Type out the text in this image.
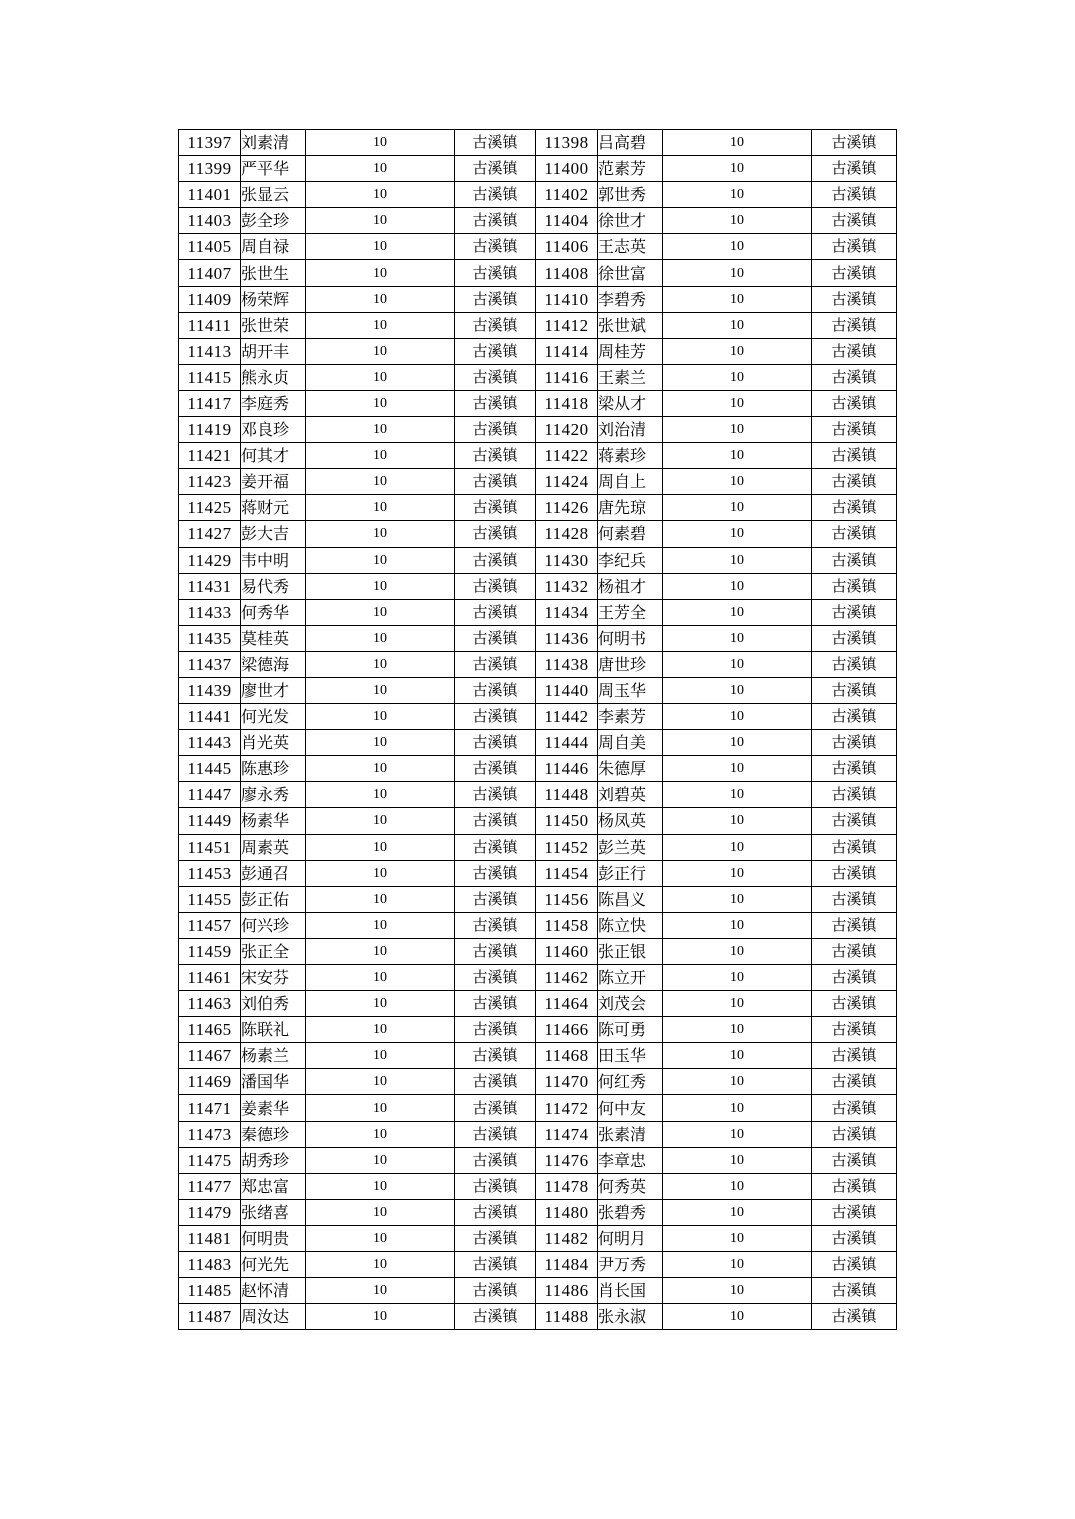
11397	刘素清	10	古溪镇	11398	吕高碧	10	古溪镇
11399	严平华	10	古溪镇	11400	范素芳	10	古溪镇
11401	张显云	10	古溪镇	11402	郭世秀	10	古溪镇
11403	彭全珍	10	古溪镇	11404	徐世才	10	古溪镇
11405	周自禄	10	古溪镇	11406	王志英	10	古溪镇
11407	张世生	10	古溪镇	11408	徐世富	10	古溪镇
11409	杨荣辉	10	古溪镇	11410	李碧秀	10	古溪镇
11411	张世荣	10	古溪镇	11412	张世斌	10	古溪镇
11413	胡开丰	10	古溪镇	11414	周桂芳	10	古溪镇
11415	熊永贞	10	古溪镇	11416	王素兰	10	古溪镇
11417	李庭秀	10	古溪镇	11418	梁从才	10	古溪镇
11419	邓良珍	10	古溪镇	11420	刘治清	10	古溪镇
11421	何其才	10	古溪镇	11422	蒋素珍	10	古溪镇
11423	姜开福	10	古溪镇	11424	周自上	10	古溪镇
11425	蒋财元	10	古溪镇	11426	唐先琼	10	古溪镇
11427	彭大吉	10	古溪镇	11428	何素碧	10	古溪镇
11429	韦中明	10	古溪镇	11430	李纪兵	10	古溪镇
11431	易代秀	10	古溪镇	11432	杨祖才	10	古溪镇
11433	何秀华	10	古溪镇	11434	王芳全	10	古溪镇
11435	莫桂英	10	古溪镇	11436	何明书	10	古溪镇
11437	梁德海	10	古溪镇	11438	唐世珍	10	古溪镇
11439	廖世才	10	古溪镇	11440	周玉华	10	古溪镇
11441	何光发	10	古溪镇	11442	李素芳	10	古溪镇
11443	肖光英	10	古溪镇	11444	周自美	10	古溪镇
11445	陈惠珍	10	古溪镇	11446	朱德厚	10	古溪镇
11447	廖永秀	10	古溪镇	11448	刘碧英	10	古溪镇
11449	杨素华	10	古溪镇	11450	杨凤英	10	古溪镇
11451	周素英	10	古溪镇	11452	彭兰英	10	古溪镇
11453	彭通召	10	古溪镇	11454	彭正行	10	古溪镇
11455	彭正佑	10	古溪镇	11456	陈昌义	10	古溪镇
11457	何兴珍	10	古溪镇	11458	陈立快	10	古溪镇
11459	张正全	10	古溪镇	11460	张正银	10	古溪镇
11461	宋安芬	10	古溪镇	11462	陈立开	10	古溪镇
11463	刘伯秀	10	古溪镇	11464	刘茂会	10	古溪镇
11465	陈联礼	10	古溪镇	11466	陈可勇	10	古溪镇
11467	杨素兰	10	古溪镇	11468	田玉华	10	古溪镇
11469	潘国华	10	古溪镇	11470	何红秀	10	古溪镇
11471	姜素华	10	古溪镇	11472	何中友	10	古溪镇
11473	秦德珍	10	古溪镇	11474	张素清	10	古溪镇
11475	胡秀珍	10	古溪镇	11476	李章忠	10	古溪镇
11477	郑忠富	10	古溪镇	11478	何秀英	10	古溪镇
11479	张绪喜	10	古溪镇	11480	张碧秀	10	古溪镇
11481	何明贵	10	古溪镇	11482	何明月	10	古溪镇
11483	何光先	10	古溪镇	11484	尹万秀	10	古溪镇
11485	赵怀清	10	古溪镇	11486	肖长国	10	古溪镇
11487	周汝达	10	古溪镇	11488	张永淑	10	古溪镇
